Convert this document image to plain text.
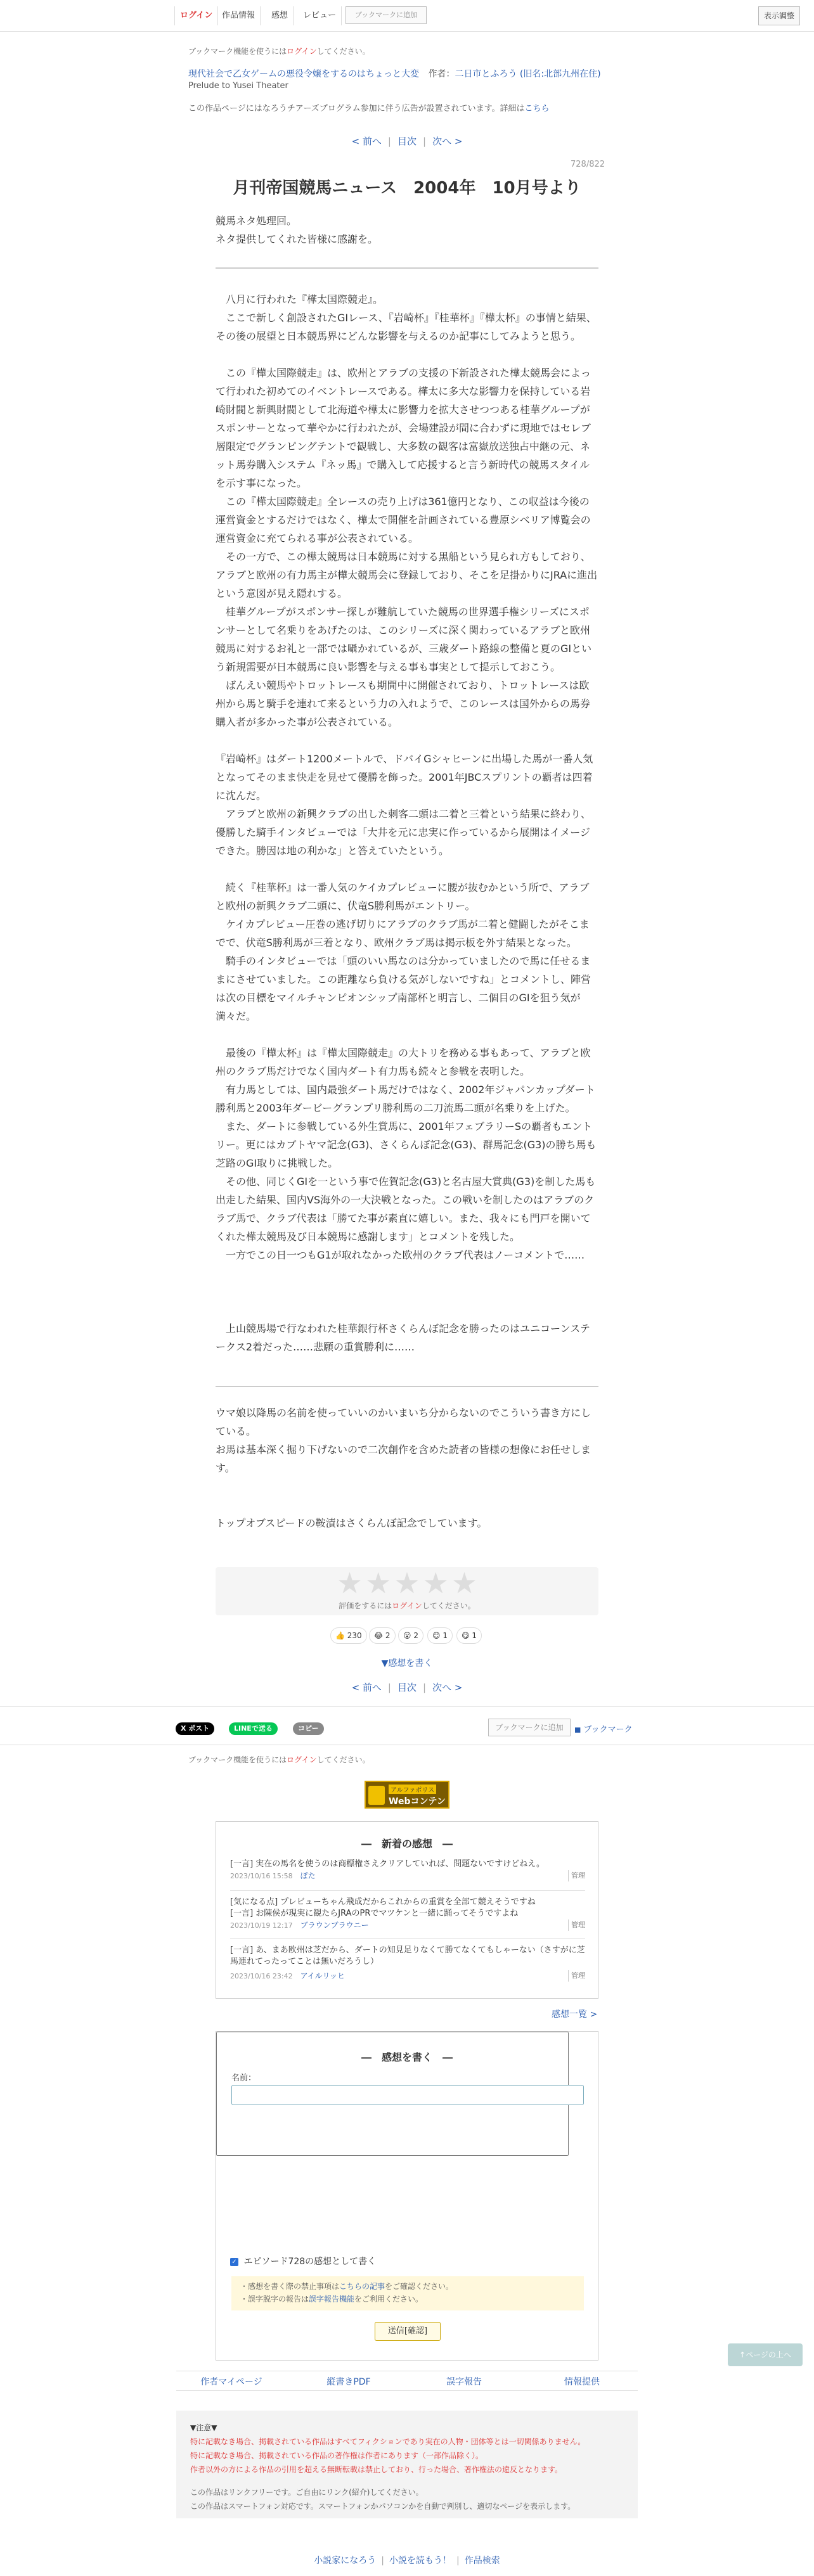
ログイン	作品情報	感想	レビュー	ブックマークに追加	表示調整
ブックマーク機能を使うにはログインしてください。
現代社会で乙女ゲームの悪役令嬢をするのはちょっと大変 作者：二日市とふろう (旧名:北部九州在住)
Prelude to Yusei Theater
この作品ページにはなろうチアーズプログラム参加に伴う広告が設置されています。詳細はこちら
< 前へ | 目次 | 次へ >
728/822
月刊帝国競馬ニュース　2004年　10月号より
競馬ネタ処理回。
ネタ提供してくれた皆様に感謝を。
　八月に行われた『樺太国際競走』。
　ここで新しく創設されたGIレース、『岩崎杯』『桂華杯』『樺太杯』の事情と結果、その後の展望と日本競馬界にどんな影響を与えるのか記事にしてみようと思う。
　この『樺太国際競走』は、欧州とアラブの支援の下新設された樺太競馬会によって行われた初めてのイベントレースである。樺太に多大な影響力を保持している岩崎財閥と新興財閥として北海道や樺太に影響力を拡大させつつある桂華グループがスポンサーとなって華やかに行われたが、会場建設が間に合わずに現地ではセレブ層限定でグランピングテントで観戦し、大多数の観客は富嶽放送独占中継の元、ネット馬券購入システム『ネッ馬』で購入して応援すると言う新時代の競馬スタイルを示す事になった。
　この『樺太国際競走』全レースの売り上げは361億円となり、この収益は今後の運営資金とするだけではなく、樺太で開催を計画されている豊原シベリア博覧会の運営資金に充てられる事が公表されている。
　その一方で、この樺太競馬は日本競馬に対する黒船という見られ方もしており、アラブと欧州の有力馬主が樺太競馬会に登録しており、そこを足掛かりにJRAに進出という意図が見え隠れする。
　桂華グループがスポンサー探しが難航していた競馬の世界選手権シリーズにスポンサーとして名乗りをあげたのは、このシリーズに深く関わっているアラブと欧州競馬に対するお礼と一部では囁かれているが、三歳ダート路線の整備と夏のGIという新規需要が日本競馬に良い影響を与える事も事実として提示しておこう。
　ばんえい競馬やトロットレースも期間中に開催されており、トロットレースは欧州から馬と騎手を連れて来るという力の入れようで、このレースは国外からの馬券購入者が多かった事が公表されている。
『岩崎杯』はダート1200メートルで、ドバイGシャヒーンに出場した馬が一番人気となってそのまま快走を見せて優勝を飾った。2001年JBCスプリントの覇者は四着に沈んだ。
　アラブと欧州の新興クラブの出した刺客二頭は二着と三着という結果に終わり、優勝した騎手インタビューでは「大井を元に忠実に作っているから展開はイメージできた。勝因は地の利かな」と答えていたという。
　続く『桂華杯』は一番人気のケイカプレビューに腰が抜むかという所で、アラブと欧州の新興クラブ二頭に、伏竜S勝利馬がエントリー。
　ケイカプレビュー圧巻の逃げ切りにアラブのクラブ馬が二着と健闘したがそこまでで、伏竜S勝利馬が三着となり、欧州クラブ馬は掲示板を外す結果となった。
　騎手のインタビューでは「頭のいい馬なのは分かっていましたので馬に任せるままにさせていました。この距離なら負ける気がしないですね」とコメントし、陣営は次の目標をマイルチャンピオンシップ南部杯と明言し、二個目のGIを狙う気が満々だ。
　最後の『樺太杯』は『樺太国際競走』の大トリを務める事もあって、アラブと欧州のクラブ馬だけでなく国内ダート有力馬も続々と参戦を表明した。
　有力馬としては、国内最強ダート馬だけではなく、2002年ジャパンカップダート勝利馬と2003年ダービーグランプリ勝利馬の二刀流馬二頭が名乗りを上げた。
　また、ダートに参戦している外生賞馬に、2001年フェブラリーSの覇者もエントリー。更にはカブトヤマ記念(G3)、さくらんぼ記念(G3)、群馬記念(G3)の勝ち馬も芝路のGI取りに挑戦した。
　その他、同じくGIを一という事で佐賀記念(G3)と名古屋大賞典(G3)を制した馬も出走した結果、国内VS海外の一大決戦となった。この戦いを制したのはアラブのクラブ馬で、クラブ代表は「勝てた事が素直に嬉しい。また、我々にも門戸を開いてくれた樺太競馬及び日本競馬に感謝します」とコメントを残した。
　一方でこの日一つもG1が取れなかった欧州のクラブ代表はノーコメントで……
　上山競馬場で行なわれた桂華銀行杯さくらんぼ記念を勝ったのはユニコーンステークス2着だった……悲願の重賞勝利に……
ウマ娘以降馬の名前を使っていいのかいまいち分からないのでこういう書き方にしている。
お馬は基本深く掘り下げないので二次創作を含めた読者の皆様の想像にお任せします。
トップオブスピードの鞍漬はさくらんぼ記念でしています。
★★★★★
評価をするにはログインしてください。
👍 230	😂 2	😮 2	😊 1	😋 1
▼感想を書く
< 前へ | 目次 | 次へ >
X ポスト	LINEで送る	コピー	ブックマークに追加	■ ブックマーク
ブックマーク機能を使うにはログインしてください。
アルファポリス
Webコンテンツ
―　新着の感想　―
[一言] 実在の馬名を使うのは商標権さえクリアしていれば、問題ないですけどねえ。
2023/10/16 15:58 ぽた	管理
[気になる点] プレビューちゃん飛成だからこれからの重賞を全部て競えそうですね
[一言] お陳侯が現実に観たらJRAのPRでマツケンと一緒に踊ってそうですよね
2023/10/19 12:17 ブラウンブラウニー	管理
[一言] あ、まあ欧州は芝だから、ダートの知見足りなくて勝てなくてもしゃーない（さすがに芝馬連れてったってことは無いだろうし）
2023/10/16 23:42 アイルリッヒ	管理
感想一覧 >
―　感想を書く　―
名前：
✓ エピソード728の感想として書く
・感想を書く際の禁止事項はこちらの記事をご確認ください。
・誤字脱字の報告は誤字報告機能をご利用ください。
送信[確認]
↑ページの上へ
作者マイページ	縦書きPDF	誤字報告	情報提供
▼注意▼
特に記載なき場合、掲載されている作品はすべてフィクションであり実在の人物・団体等とは一切関係ありません。
特に記載なき場合、掲載されている作品の著作権は作者にあります（一部作品除く）。
作者以外の方による作品の引用を超える無断転載は禁止しており、行った場合、著作権法の違反となります。
この作品はリンクフリーです。ご自由にリンク(紹介)してください。
この作品はスマートフォン対応です。スマートフォンかパソコンかを自動で判別し、適切なページを表示します。
小説家になろう | 小説を読もう！ | 作品検索
